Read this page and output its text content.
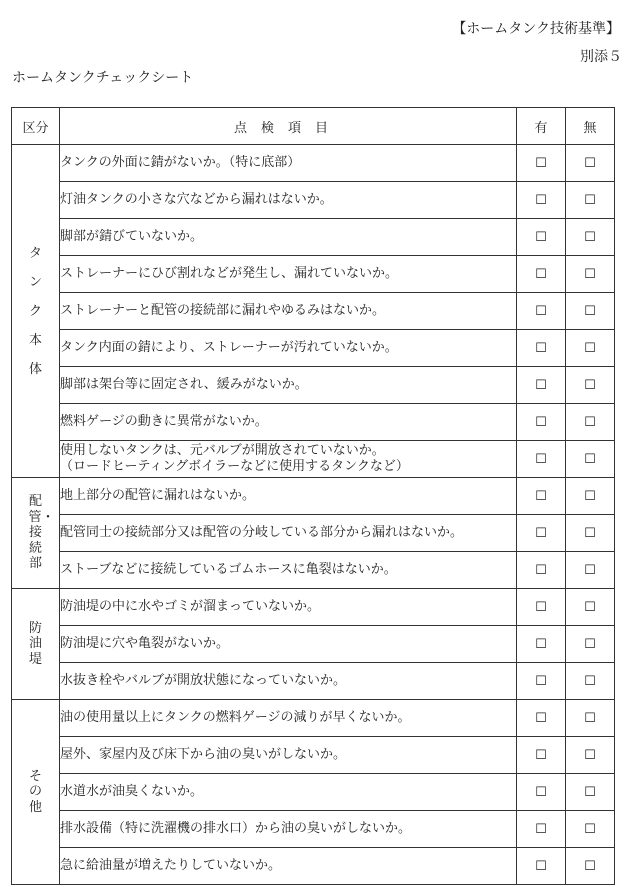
【ホームタンク技術基準】
別添５
ホームタンクチェックシート
区分	点検項目	有	無
タンク本体	タンクの外面に錆がないか。（特に底部）	☐	☐
	灯油タンクの小さな穴などから漏れはないか。	☐	☐
	脚部が錆びていないか。	☐	☐
	ストレーナーにひび割れなどが発生し、漏れていないか。	☐	☐
	ストレーナーと配管の接続部に漏れやゆるみはないか。	☐	☐
	タンク内面の錆により、ストレーナーが汚れていないか。	☐	☐
	脚部は架台等に固定され、緩みがないか。	☐	☐
	燃料ゲージの動きに異常がないか。	☐	☐
	使用しないタンクは、元バルブが開放されていないか。
（ロードヒーティングボイラーなどに使用するタンクなど）	☐	☐
配管・接続部	地上部分の配管に漏れはないか。	☐	☐
	配管同士の接続部分又は配管の分岐している部分から漏れはないか。	☐	☐
	ストーブなどに接続しているゴムホースに亀裂はないか。	☐	☐
防油堤	防油堤の中に水やゴミが溜まっていないか。	☐	☐
	防油堤に穴や亀裂がないか。	☐	☐
	水抜き栓やバルブが開放状態になっていないか。	☐	☐
その他	油の使用量以上にタンクの燃料ゲージの減りが早くないか。	☐	☐
	屋外、家屋内及び床下から油の臭いがしないか。	☐	☐
	水道水が油臭くないか。	☐	☐
	排水設備（特に洗濯機の排水口）から油の臭いがしないか。	☐	☐
	急に給油量が増えたりしていないか。	☐	☐
